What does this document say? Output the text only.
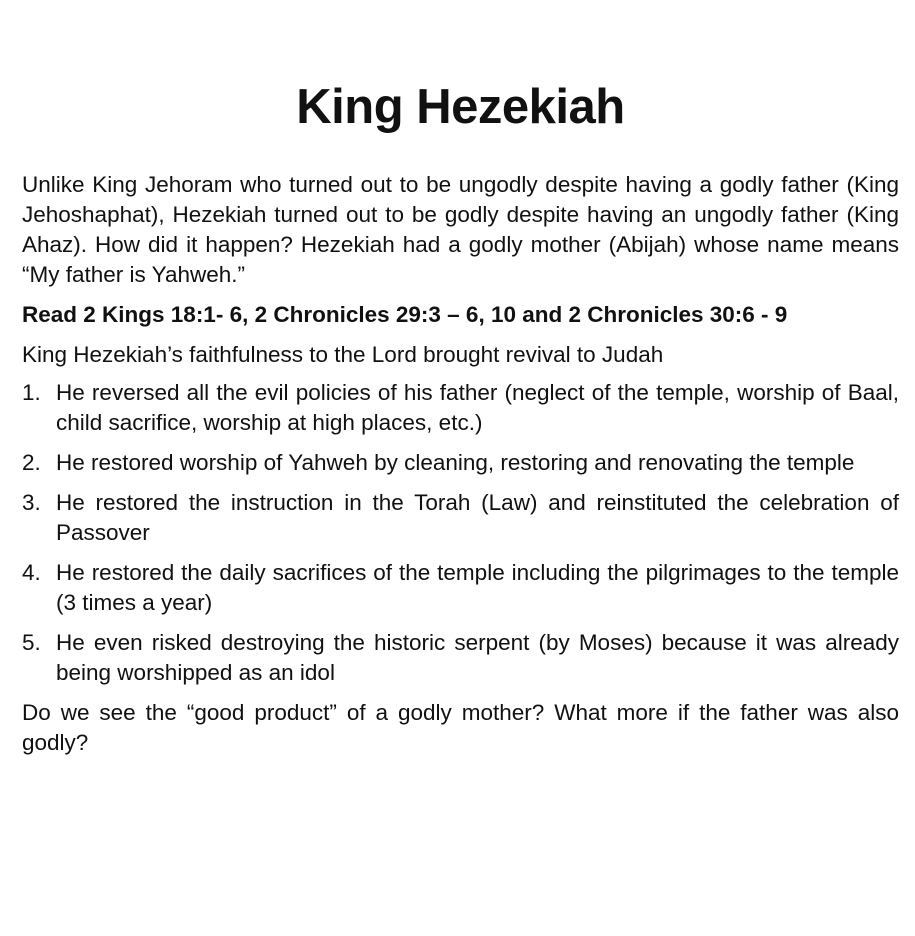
King Hezekiah

Unlike King Jehoram who turned out to be ungodly despite having a godly father (King Jehoshaphat), Hezekiah turned out to be godly despite having an ungodly father (King Ahaz). How did it happen? Hezekiah had a godly mother (Abijah) whose name means “My father is Yahweh.”

Read 2 Kings 18:1- 6, 2 Chronicles 29:3 – 6, 10 and 2 Chronicles 30:6 - 9

King Hezekiah’s faithfulness to the Lord brought revival to Judah

1. He reversed all the evil policies of his father (neglect of the temple, worship of Baal, child sacrifice, worship at high places, etc.)
2. He restored worship of Yahweh by cleaning, restoring and renovating the temple
3. He restored the instruction in the Torah (Law) and reinstituted the celebration of Passover
4. He restored the daily sacrifices of the temple including the pilgrimages to the temple (3 times a year)
5. He even risked destroying the historic serpent (by Moses) because it was already being worshipped as an idol

Do we see the “good product” of a godly mother? What more if the father was also godly?
